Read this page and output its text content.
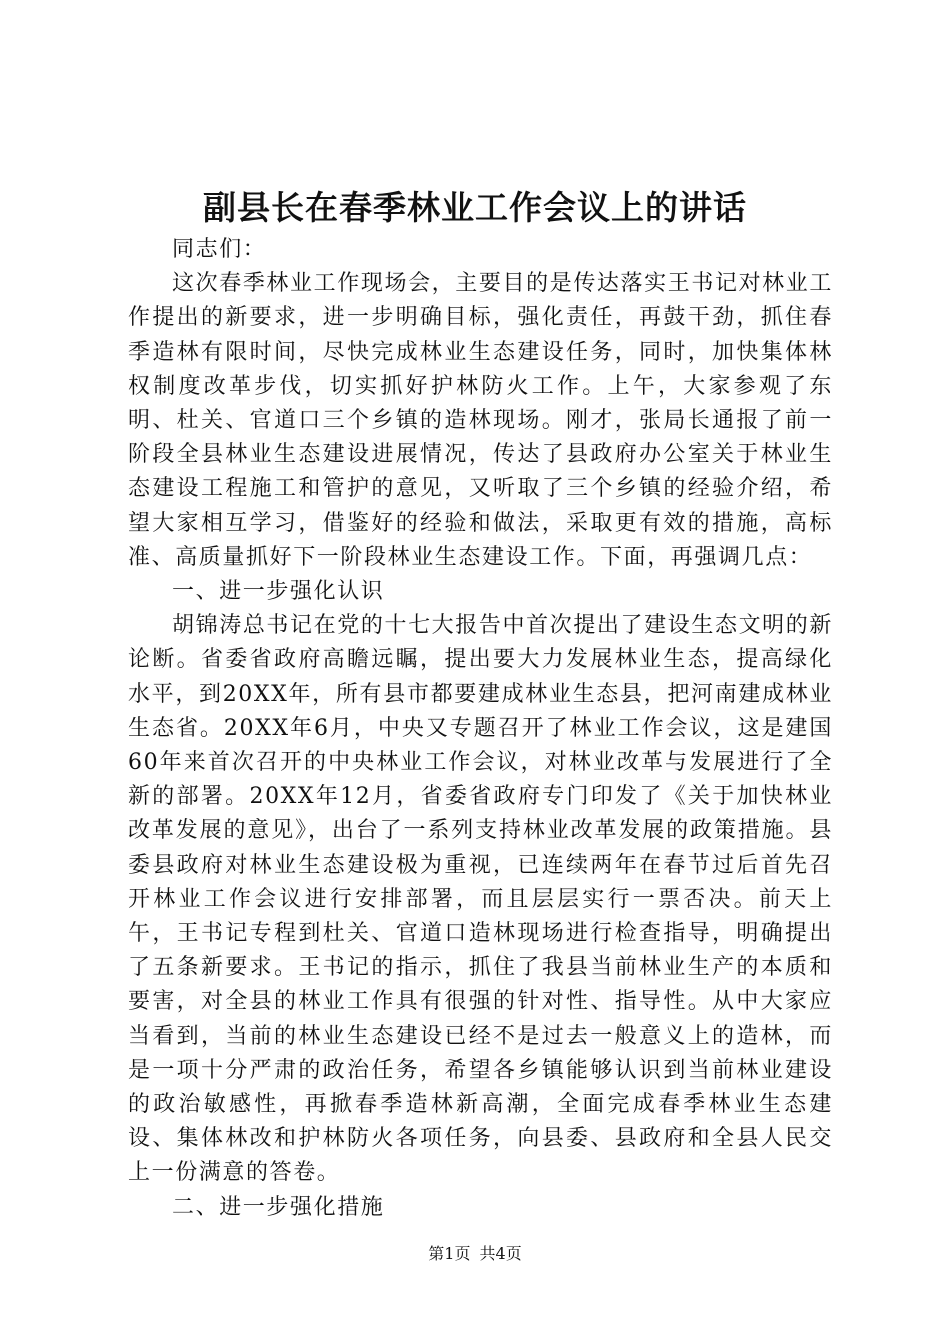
副县长在春季林业工作会议上的讲话

同志们：

这次春季林业工作现场会，主要目的是传达落实王书记对林业工作提出的新要求，进一步明确目标，强化责任，再鼓干劲，抓住春季造林有限时间，尽快完成林业生态建设任务，同时，加快集体林权制度改革步伐，切实抓好护林防火工作。上午，大家参观了东明、杜关、官道口三个乡镇的造林现场。刚才，张局长通报了前一阶段全县林业生态建设进展情况，传达了县政府办公室关于林业生态建设工程施工和管护的意见，又听取了三个乡镇的经验介绍，希望大家相互学习，借鉴好的经验和做法，采取更有效的措施，高标准、高质量抓好下一阶段林业生态建设工作。下面，再强调几点：

一、进一步强化认识

胡锦涛总书记在党的十七大报告中首次提出了建设生态文明的新论断。省委省政府高瞻远瞩，提出要大力发展林业生态，提高绿化水平，到20XX年，所有县市都要建成林业生态县，把河南建成林业生态省。20XX年6月，中央又专题召开了林业工作会议，这是建国60年来首次召开的中央林业工作会议，对林业改革与发展进行了全新的部署。20XX年12月，省委省政府专门印发了《关于加快林业改革发展的意见》，出台了一系列支持林业改革发展的政策措施。县委县政府对林业生态建设极为重视，已连续两年在春节过后首先召开林业工作会议进行安排部署，而且层层实行一票否决。前天上午，王书记专程到杜关、官道口造林现场进行检查指导，明确提出了五条新要求。王书记的指示，抓住了我县当前林业生产的本质和要害，对全县的林业工作具有很强的针对性、指导性。从中大家应当看到，当前的林业生态建设已经不是过去一般意义上的造林，而是一项十分严肃的政治任务，希望各乡镇能够认识到当前林业建设的政治敏感性，再掀春季造林新高潮，全面完成春季林业生态建设、集体林改和护林防火各项任务，向县委、县政府和全县人民交上一份满意的答卷。

二、进一步强化措施

第1页 共4页
